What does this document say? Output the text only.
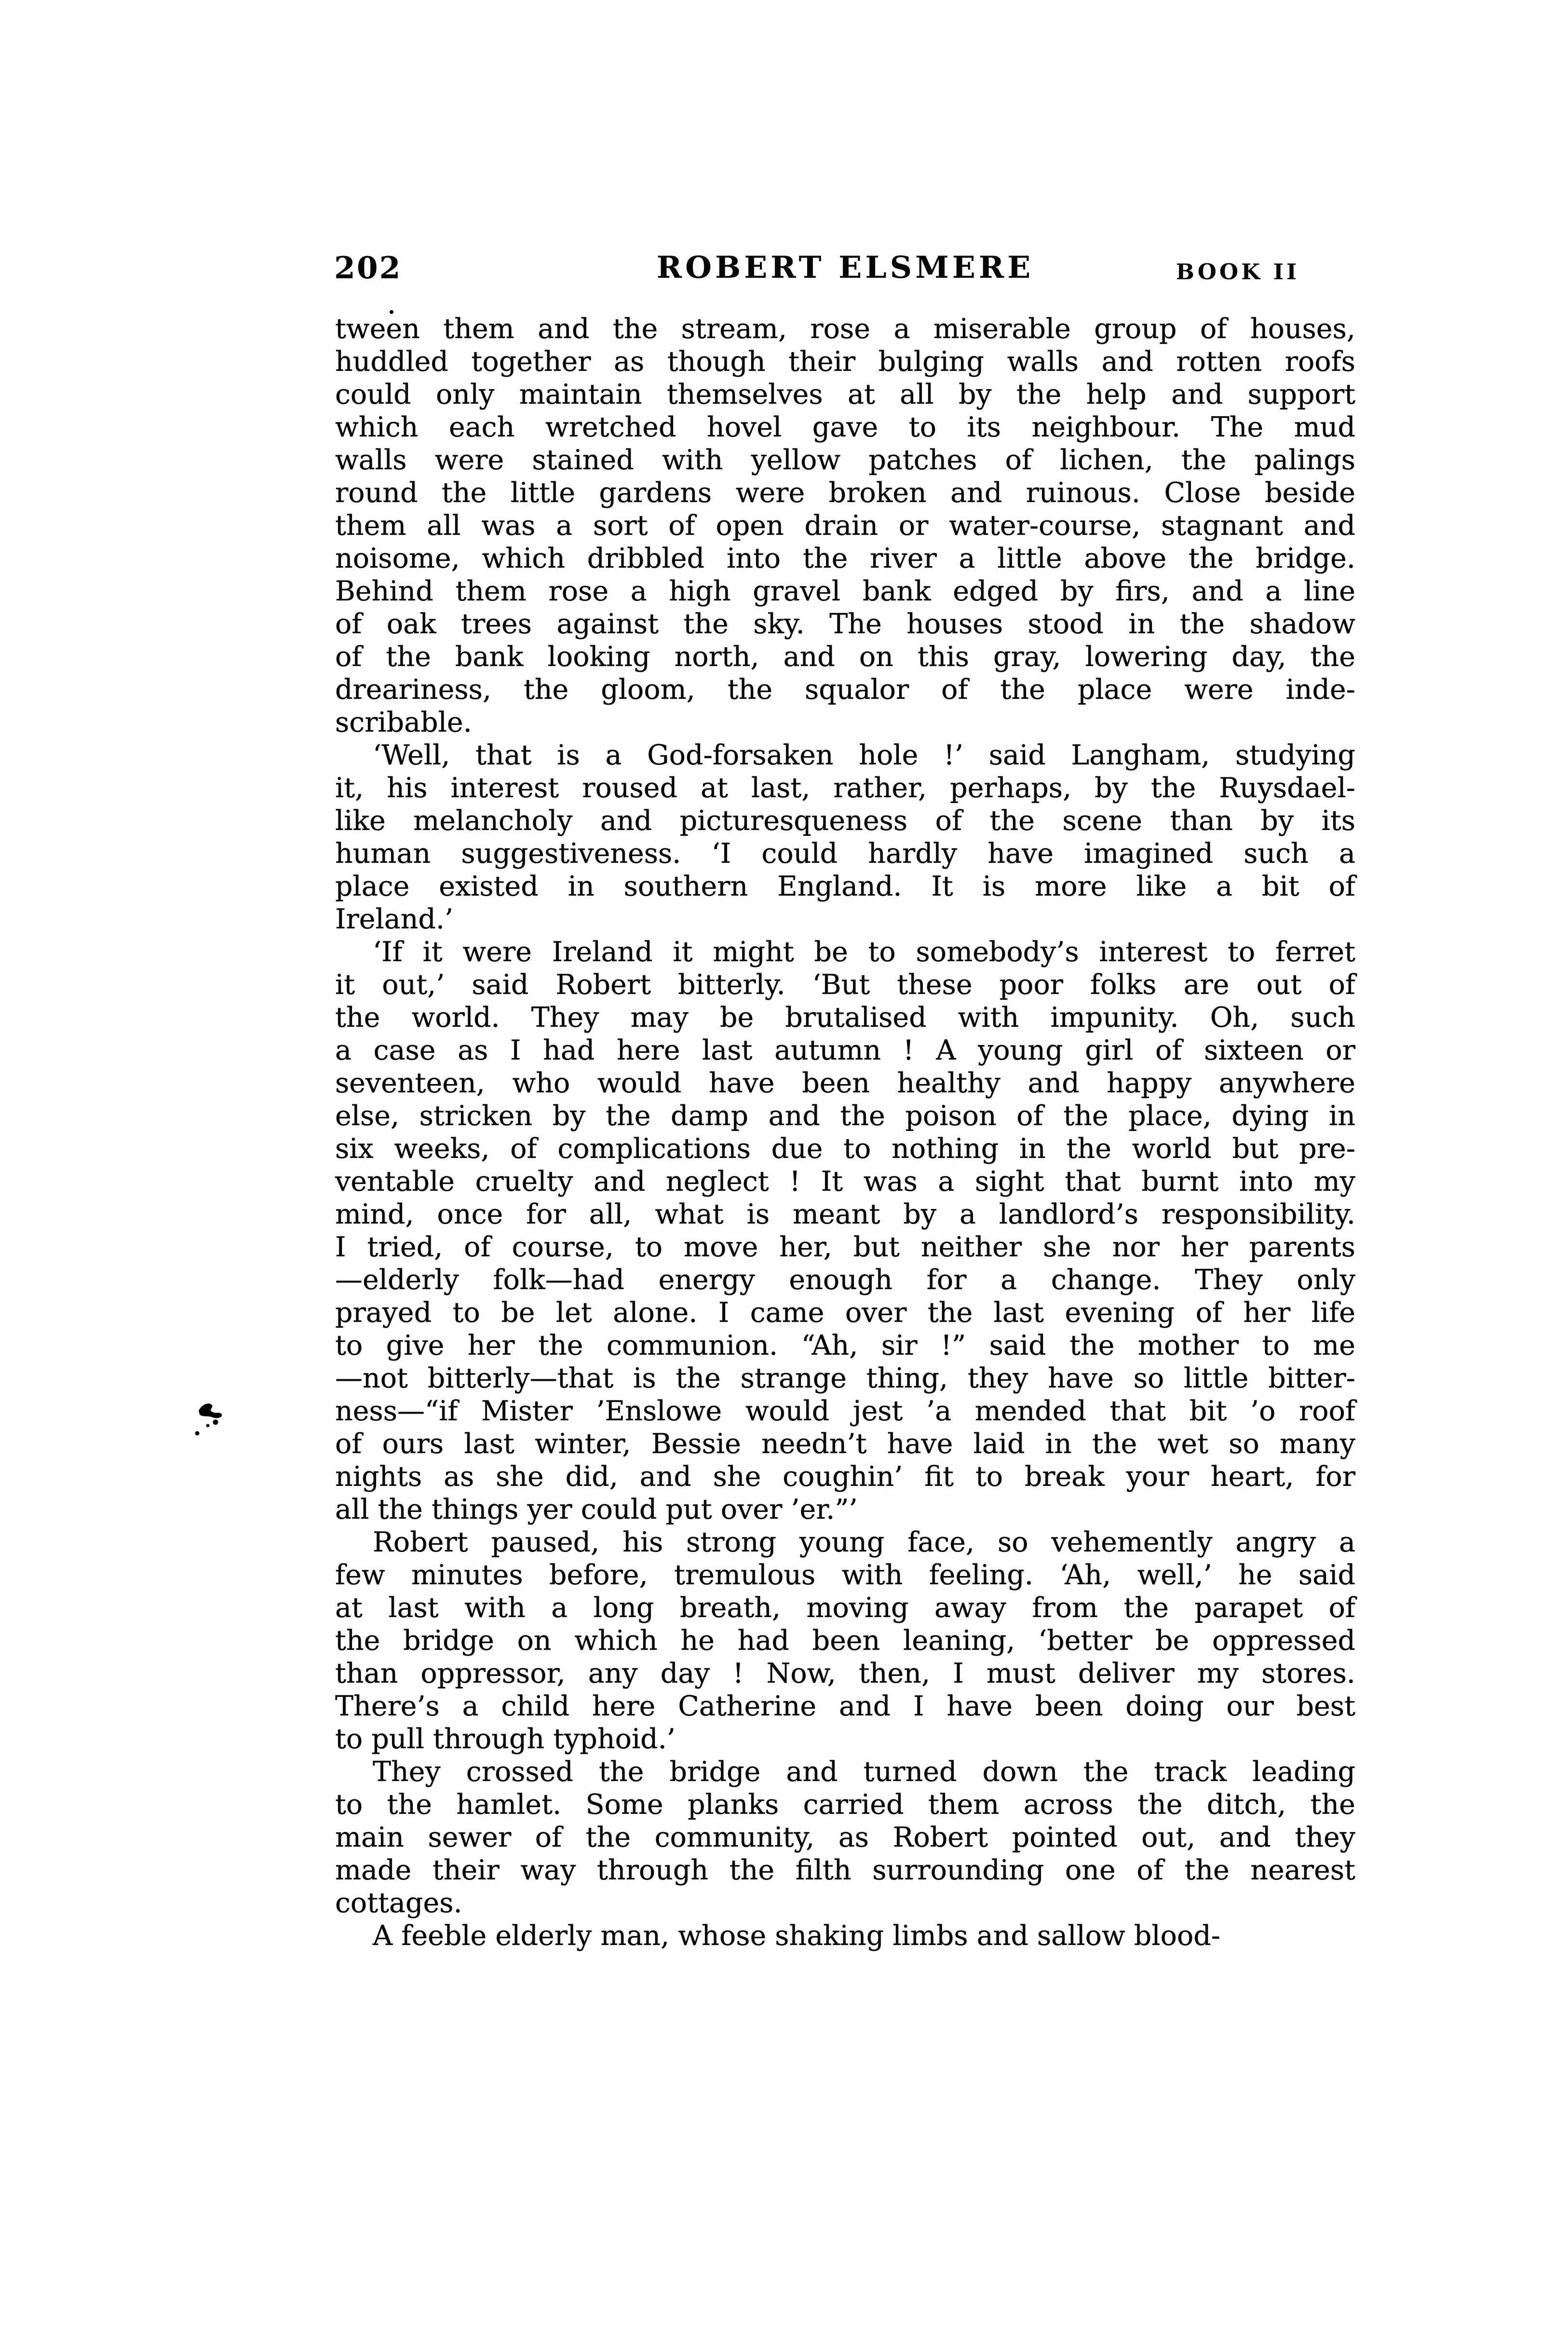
202	ROBERT ELSMERE	BOOK II
tween them and the stream, rose a miserable group of houses,
huddled together as though their bulging walls and rotten roofs
could only maintain themselves at all by the help and support
which each wretched hovel gave to its neighbour. The mud
walls were stained with yellow patches of lichen, the palings
round the little gardens were broken and ruinous. Close beside
them all was a sort of open drain or water-course, stagnant and
noisome, which dribbled into the river a little above the bridge.
Behind them rose a high gravel bank edged by firs, and a line
of oak trees against the sky. The houses stood in the shadow
of the bank looking north, and on this gray, lowering day, the
dreariness, the gloom, the squalor of the place were inde-
scribable.
‘Well, that is a God-forsaken hole !’ said Langham, studying
it, his interest roused at last, rather, perhaps, by the Ruysdael-
like melancholy and picturesqueness of the scene than by its
human suggestiveness. ‘I could hardly have imagined such a
place existed in southern England. It is more like a bit of
Ireland.’
‘If it were Ireland it might be to somebody’s interest to ferret
it out,’ said Robert bitterly. ‘But these poor folks are out of
the world. They may be brutalised with impunity. Oh, such
a case as I had here last autumn ! A young girl of sixteen or
seventeen, who would have been healthy and happy anywhere
else, stricken by the damp and the poison of the place, dying in
six weeks, of complications due to nothing in the world but pre-
ventable cruelty and neglect ! It was a sight that burnt into my
mind, once for all, what is meant by a landlord’s responsibility.
I tried, of course, to move her, but neither she nor her parents
—elderly folk—had energy enough for a change. They only
prayed to be let alone. I came over the last evening of her life
to give her the communion. “Ah, sir !” said the mother to me
—not bitterly—that is the strange thing, they have so little bitter-
ness—“if Mister ’Enslowe would jest ’a mended that bit ’o roof
of ours last winter, Bessie needn’t have laid in the wet so many
nights as she did, and she coughin’ fit to break your heart, for
all the things yer could put over ’er.”’
Robert paused, his strong young face, so vehemently angry a
few minutes before, tremulous with feeling. ‘Ah, well,’ he said
at last with a long breath, moving away from the parapet of
the bridge on which he had been leaning, ‘better be oppressed
than oppressor, any day ! Now, then, I must deliver my stores.
There’s a child here Catherine and I have been doing our best
to pull through typhoid.’
They crossed the bridge and turned down the track leading
to the hamlet. Some planks carried them across the ditch, the
main sewer of the community, as Robert pointed out, and they
made their way through the filth surrounding one of the nearest
cottages.
A feeble elderly man, whose shaking limbs and sallow blood-
